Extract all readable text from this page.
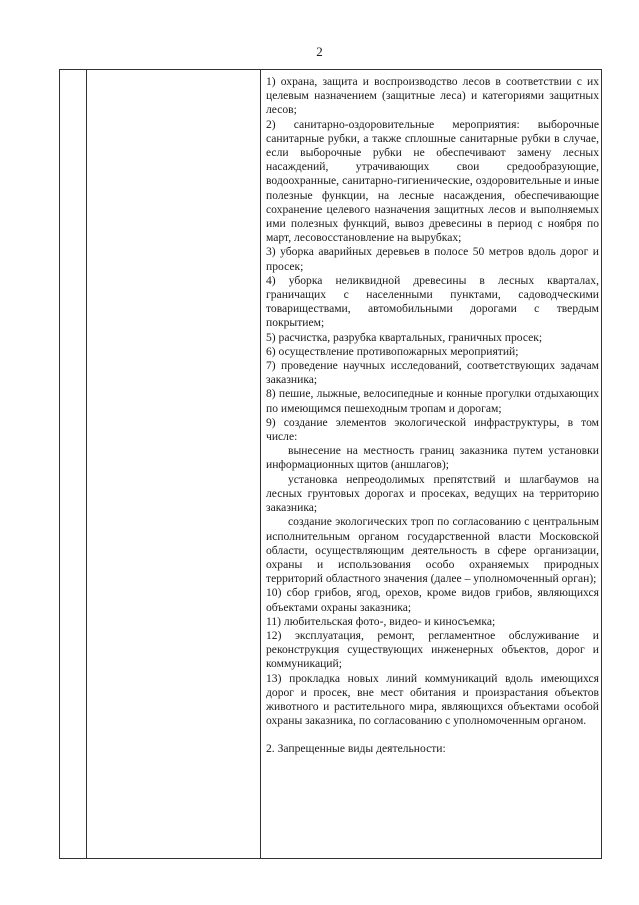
2

1) охрана, защита и воспроизводство лесов в соответствии с их целевым назначением (защитные леса) и категориями защитных лесов;

2) санитарно-оздоровительные мероприятия: выборочные санитарные рубки, а также сплошные санитарные рубки в случае, если выборочные рубки не обеспечивают замену лесных насаждений, утрачивающих свои средообразующие, водоохранные, санитарно-гигиенические, оздоровительные и иные полезные функции, на лесные насаждения, обеспечивающие сохранение целевого назначения защитных лесов и выполняемых ими полезных функций, вывоз древесины в период с ноября по март, лесовосстановление на вырубках;

3) уборка аварийных деревьев в полосе 50 метров вдоль дорог и просек;

4) уборка неликвидной древесины в лесных кварталах, граничащих с населенными пунктами, садоводческими товариществами, автомобильными дорогами с твердым покрытием;

5) расчистка, разрубка квартальных, граничных просек;

6) осуществление противопожарных мероприятий;

7) проведение научных исследований, соответствующих задачам заказника;

8) пешие, лыжные, велосипедные и конные прогулки отдыхающих по имеющимся пешеходным тропам и дорогам;

9) создание элементов экологической инфраструктуры, в том числе:

вынесение на местность границ заказника путем установки информационных щитов (аншлагов);

установка непреодолимых препятствий и шлагбаумов на лесных грунтовых дорогах и просеках, ведущих на территорию заказника;

создание экологических троп по согласованию с центральным исполнительным органом государственной власти Московской области, осуществляющим деятельность в сфере организации, охраны и использования особо охраняемых природных территорий областного значения (далее – уполномоченный орган);

10) сбор грибов, ягод, орехов, кроме видов грибов, являющихся объектами охраны заказника;

11) любительская фото-, видео- и киносъемка;

12) эксплуатация, ремонт, регламентное обслуживание и реконструкция существующих инженерных объектов, дорог и коммуникаций;

13) прокладка новых линий коммуникаций вдоль имеющихся дорог и просек, вне мест обитания и произрастания объектов животного и растительного мира, являющихся объектами особой охраны заказника, по согласованию с уполномоченным органом.

2. Запрещенные виды деятельности:
